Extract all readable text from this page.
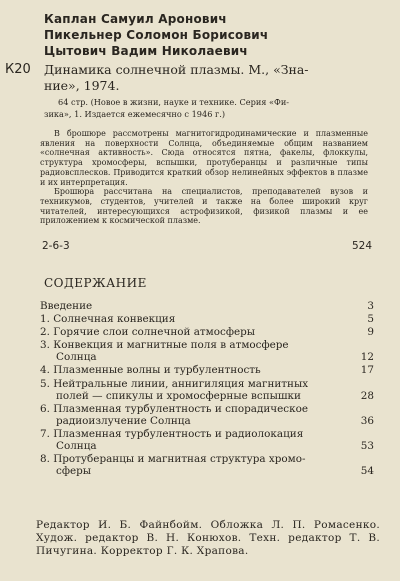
Каплан Самуил Аронович
Пикельнер Соломон Борисович
Цытович Вадим Николаевич
К20 Динамика солнечной плазмы. М., «Зна-
ние», 1974.
64 стр. (Новое в жизни, науке и технике. Серия «Фи-
зика», 1. Издается ежемесячно с 1946 г.)

В брошюре рассмотрены магнитогидродинамические и плазменные явления на поверхности Солнца, объединяемые общим названием «солнечная активность». Сюда относятся пятна, факелы, флоккулы, структура хромосферы, вспышки, протуберанцы и различные типы радиовсплесков. Приводится краткий обзор нелинейных эффектов в плазме и их интерпретация.

Брошюра рассчитана на специалистов, преподавателей вузов и техникумов, студентов, учителей и также на более широкий круг читателей, интересующихся астрофизикой, физикой плазмы и ее приложением к космической плазме.

2-6-3	524
СОДЕРЖАНИЕ
Введение	3
1. Солнечная конвекция	5
2. Горячие слои солнечной атмосферы	9
3. Конвекция и магнитные поля в атмосфере
Солнца	12
4. Плазменные волны и турбулентность	17
5. Нейтральные линии, аннигиляция магнитных
полей — спикулы и хромосферные вспышки	28
6. Плазменная турбулентность и спорадическое
радиоизлучение Солнца	36
7. Плазменная турбулентность и радиолокация
Солнца	53
8. Протуберанцы и магнитная структура хромо-
сферы	54
Редактор И. Б. Файнбойм. Обложка Л. П. Ромасенко. Худож. редактор В. Н. Конюхов. Техн. редактор Т. В. Пичугина. Корректор Г. К. Храпова.
